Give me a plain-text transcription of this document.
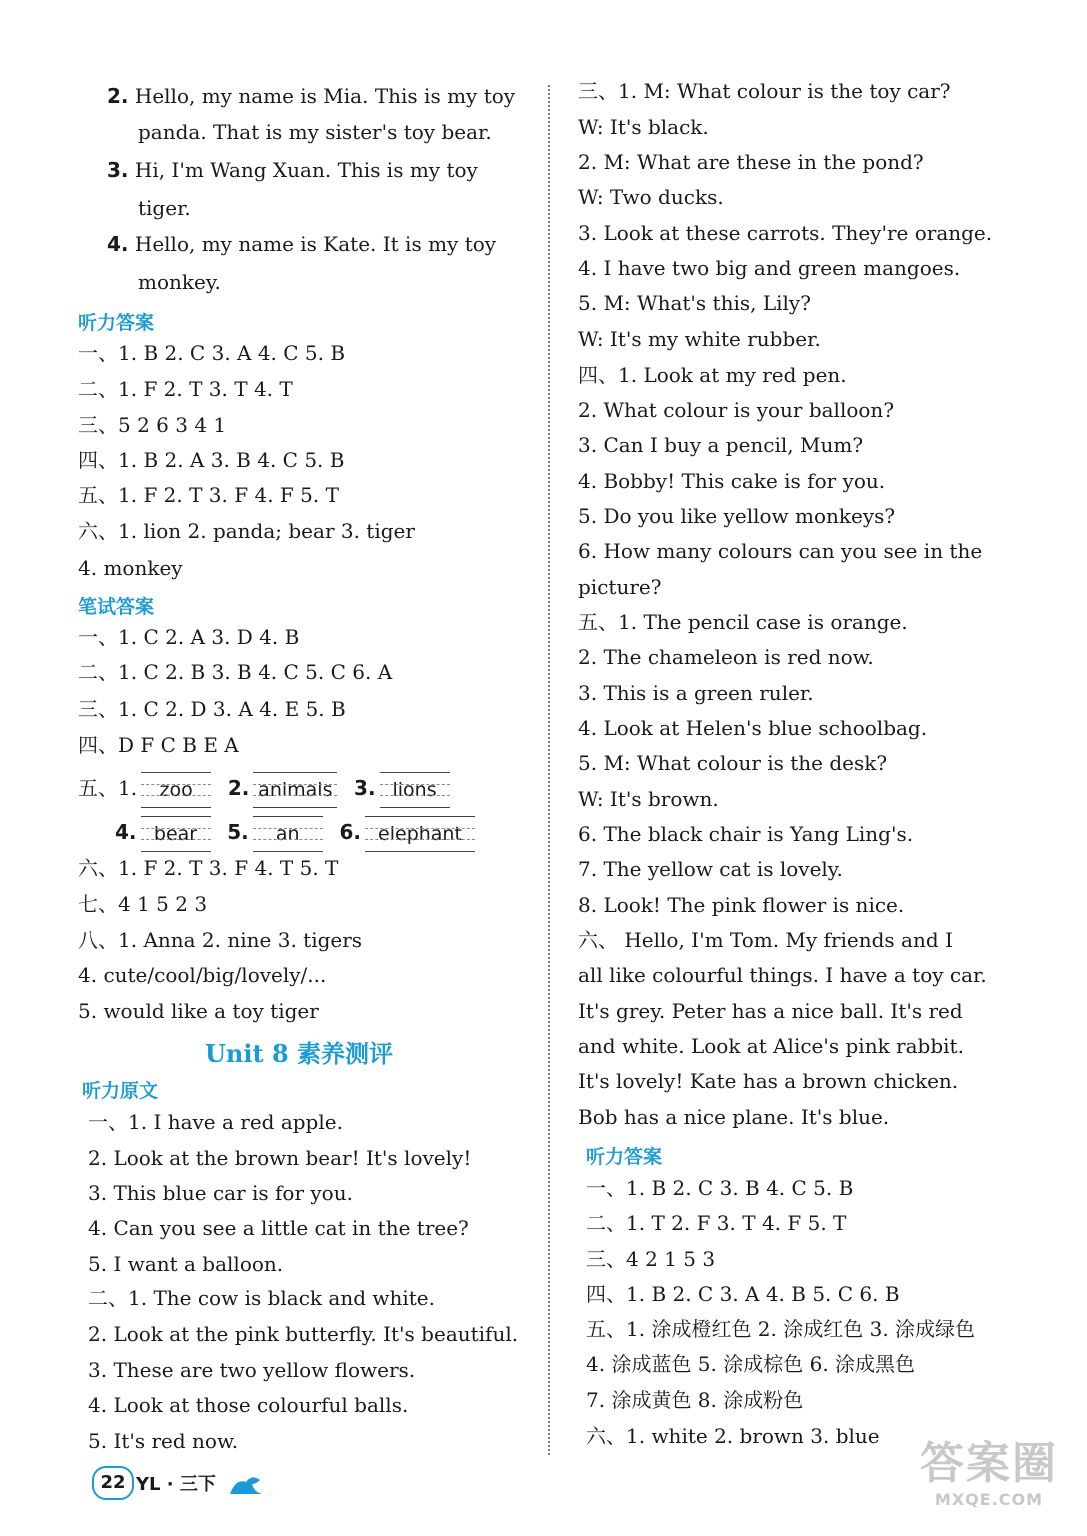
2. Hello, my name is Mia. This is my toy
panda. That is my sister's toy bear.
3. Hi, I'm Wang Xuan. This is my toy
tiger.
4. Hello, my name is Kate. It is my toy
monkey.
听力答案
一、1. B 2. C 3. A 4. C 5. B
二、1. F 2. T 3. T 4. T
三、5 2 6 3 4 1
四、1. B 2. A 3. B 4. C 5. B
五、1. F 2. T 3. F 4. F 5. T
六、1. lion 2. panda; bear 3. tiger
4. monkey
笔试答案
一、1. C 2. A 3. D 4. B
二、1. C 2. B 3. B 4. C 5. C 6. A
三、1. C 2. D 3. A 4. E 5. B
四、D F C B E A
五、1. zoo 2. animals 3. lions
4. bear 5. an 6. elephant
六、1. F 2. T 3. F 4. T 5. T
七、4 1 5 2 3
八、1. Anna 2. nine 3. tigers
4. cute/cool/big/lovely/...
5. would like a toy tiger
Unit 8 素养测评
听力原文
一、1. I have a red apple.
2. Look at the brown bear! It's lovely!
3. This blue car is for you.
4. Can you see a little cat in the tree?
5. I want a balloon.
二、1. The cow is black and white.
2. Look at the pink butterfly. It's beautiful.
3. These are two yellow flowers.
4. Look at those colourful balls.
5. It's red now.
三、1. M: What colour is the toy car?
W: It's black.
2. M: What are these in the pond?
W: Two ducks.
3. Look at these carrots. They're orange.
4. I have two big and green mangoes.
5. M: What's this, Lily?
W: It's my white rubber.
四、1. Look at my red pen.
2. What colour is your balloon?
3. Can I buy a pencil, Mum?
4. Bobby! This cake is for you.
5. Do you like yellow monkeys?
6. How many colours can you see in the
picture?
五、1. The pencil case is orange.
2. The chameleon is red now.
3. This is a green ruler.
4. Look at Helen's blue schoolbag.
5. M: What colour is the desk?
W: It's brown.
6. The black chair is Yang Ling's.
7. The yellow cat is lovely.
8. Look! The pink flower is nice.
六、 Hello, I'm Tom. My friends and I
all like colourful things. I have a toy car.
It's grey. Peter has a nice ball. It's red
and white. Look at Alice's pink rabbit.
It's lovely! Kate has a brown chicken.
Bob has a nice plane. It's blue.
听力答案
一、1. B 2. C 3. B 4. C 5. B
二、1. T 2. F 3. T 4. F 5. T
三、4 2 1 5 3
四、1. B 2. C 3. A 4. B 5. C 6. B
五、1. 涂成橙红色 2. 涂成红色 3. 涂成绿色
4. 涂成蓝色 5. 涂成棕色 6. 涂成黑色
7. 涂成黄色 8. 涂成粉色
六、1. white 2. brown 3. blue
22 YL · 三下	答案圈
MXQE.COM
